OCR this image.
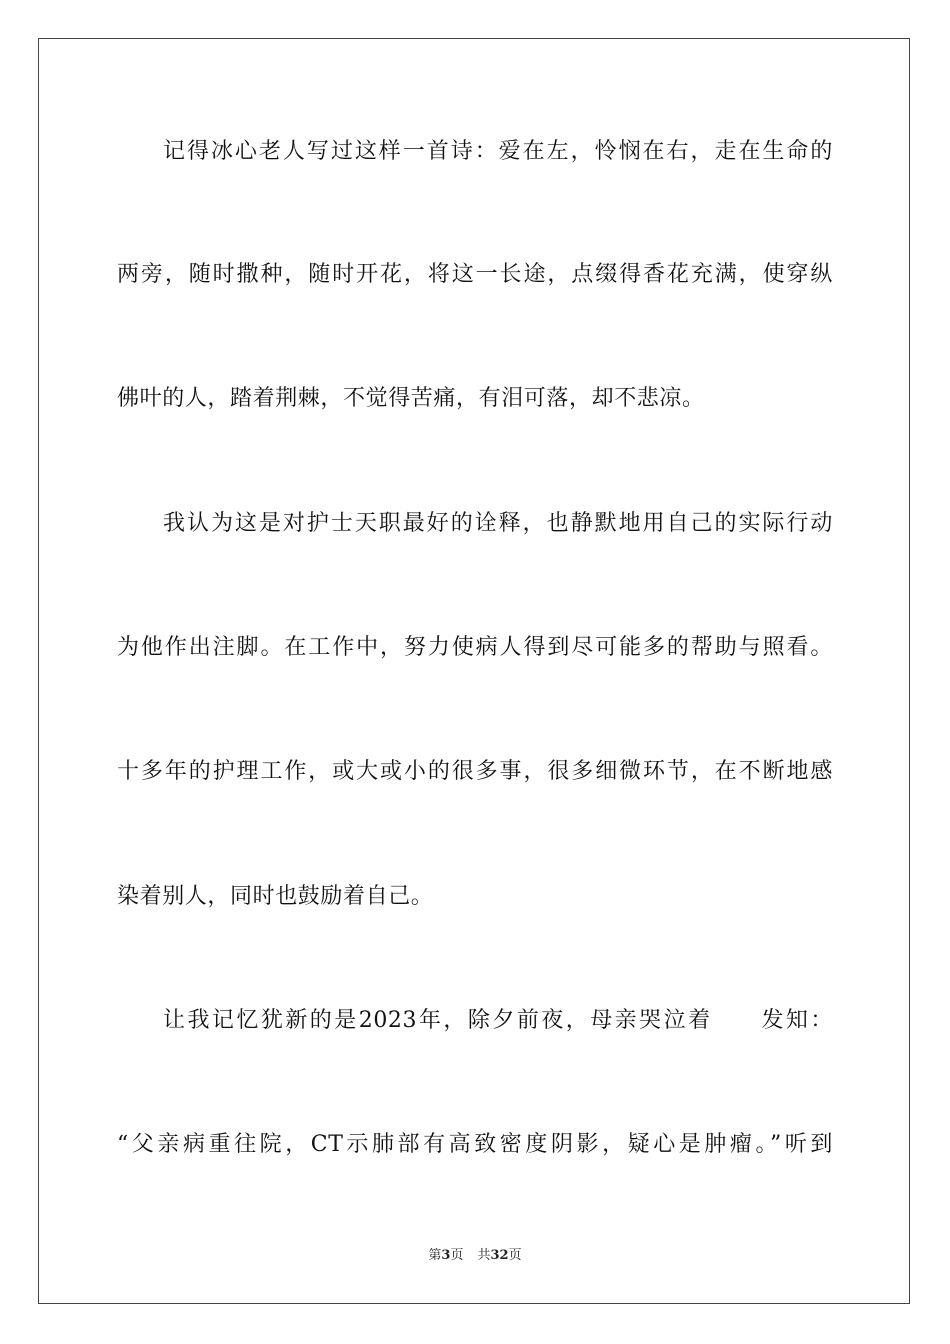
记得冰心老人写过这样一首诗：爱在左，怜悯在右，走在生命的
两旁，随时撒种，随时开花，将这一长途，点缀得香花充满，使穿纵
佛叶的人，踏着荆棘，不觉得苦痛，有泪可落，却不悲凉。
我认为这是对护士天职最好的诠释，也静默地用自己的实际行动
为他作出注脚。在工作中，努力使病人得到尽可能多的帮助与照看。
十多年的护理工作，或大或小的很多事，很多细微环节，在不断地感
染着别人，同时也鼓励着自己。
让我记忆犹新的是2023年，除夕前夜，母亲哭泣着　　发知：
“父亲病重往院，CT示肺部有高致密度阴影，疑心是肿瘤。”听到
第3页 共32页
